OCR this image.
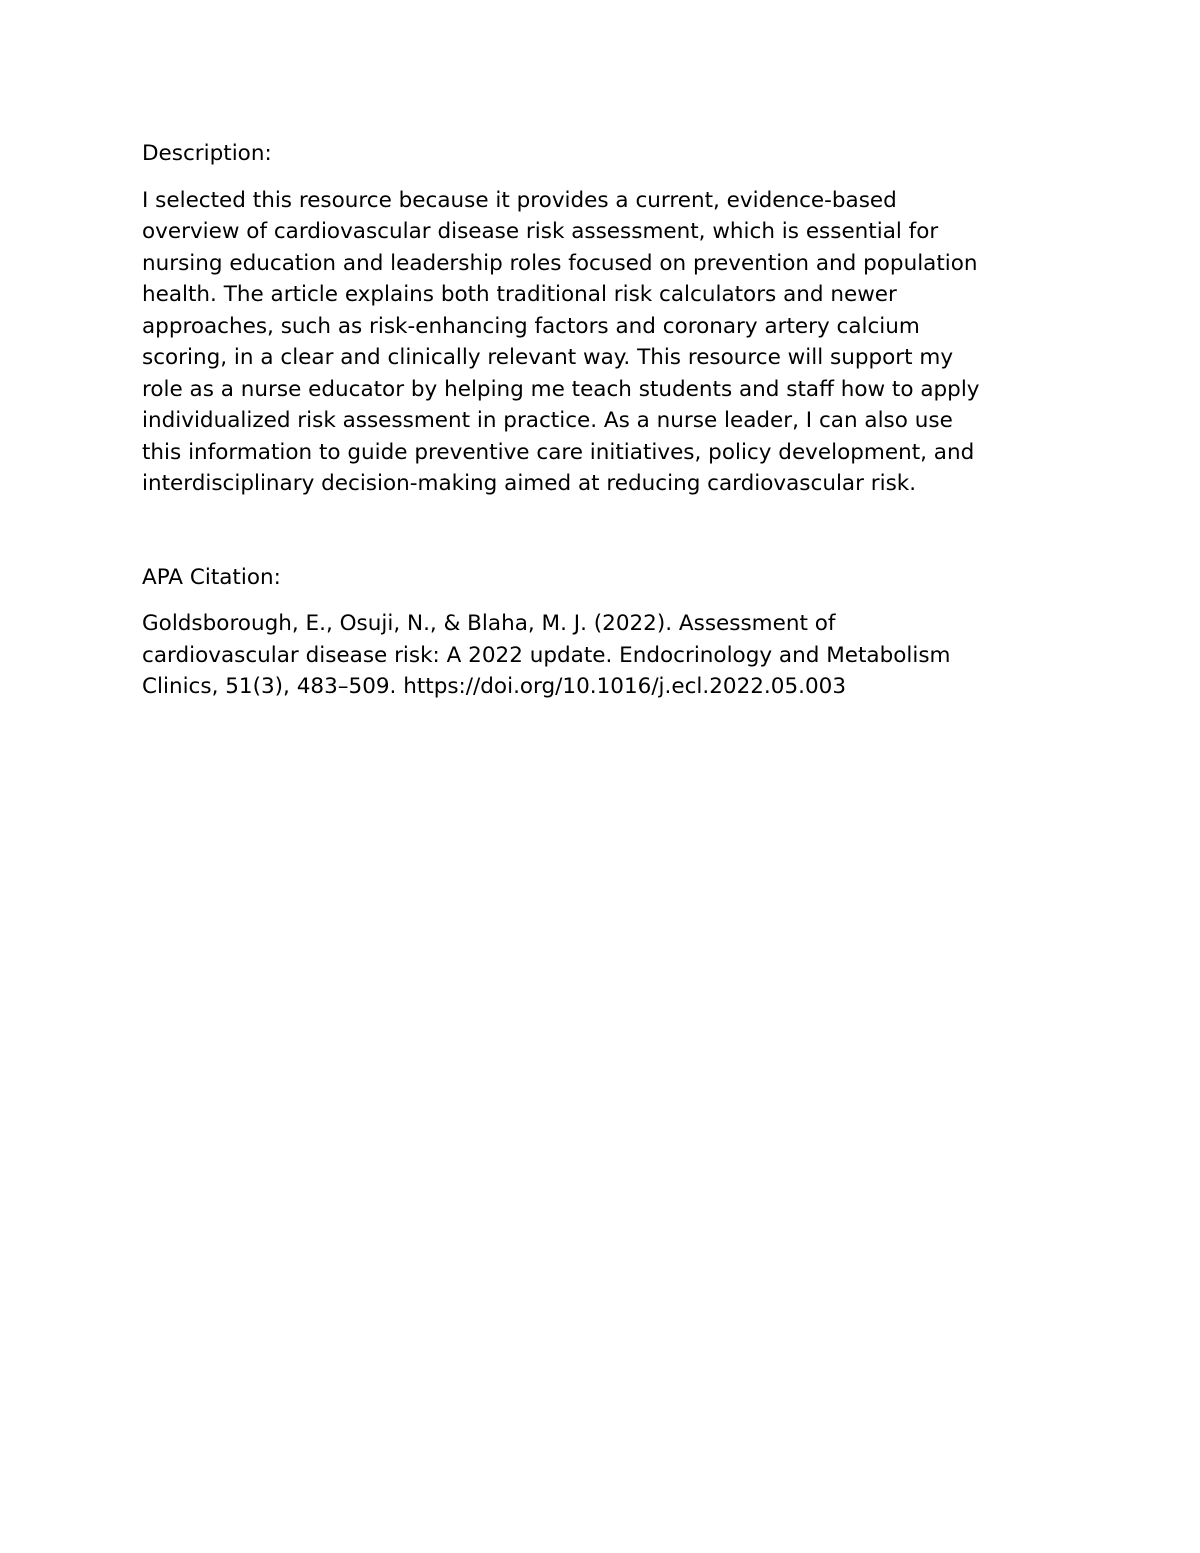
Description:

I selected this resource because it provides a current, evidence-based
overview of cardiovascular disease risk assessment, which is essential for
nursing education and leadership roles focused on prevention and population
health. The article explains both traditional risk calculators and newer
approaches, such as risk-enhancing factors and coronary artery calcium
scoring, in a clear and clinically relevant way. This resource will support my
role as a nurse educator by helping me teach students and staff how to apply
individualized risk assessment in practice. As a nurse leader, I can also use
this information to guide preventive care initiatives, policy development, and
interdisciplinary decision-making aimed at reducing cardiovascular risk.

APA Citation:

Goldsborough, E., Osuji, N., & Blaha, M. J. (2022). Assessment of
cardiovascular disease risk: A 2022 update. Endocrinology and Metabolism
Clinics, 51(3), 483–509. https://doi.org/10.1016/j.ecl.2022.05.003
